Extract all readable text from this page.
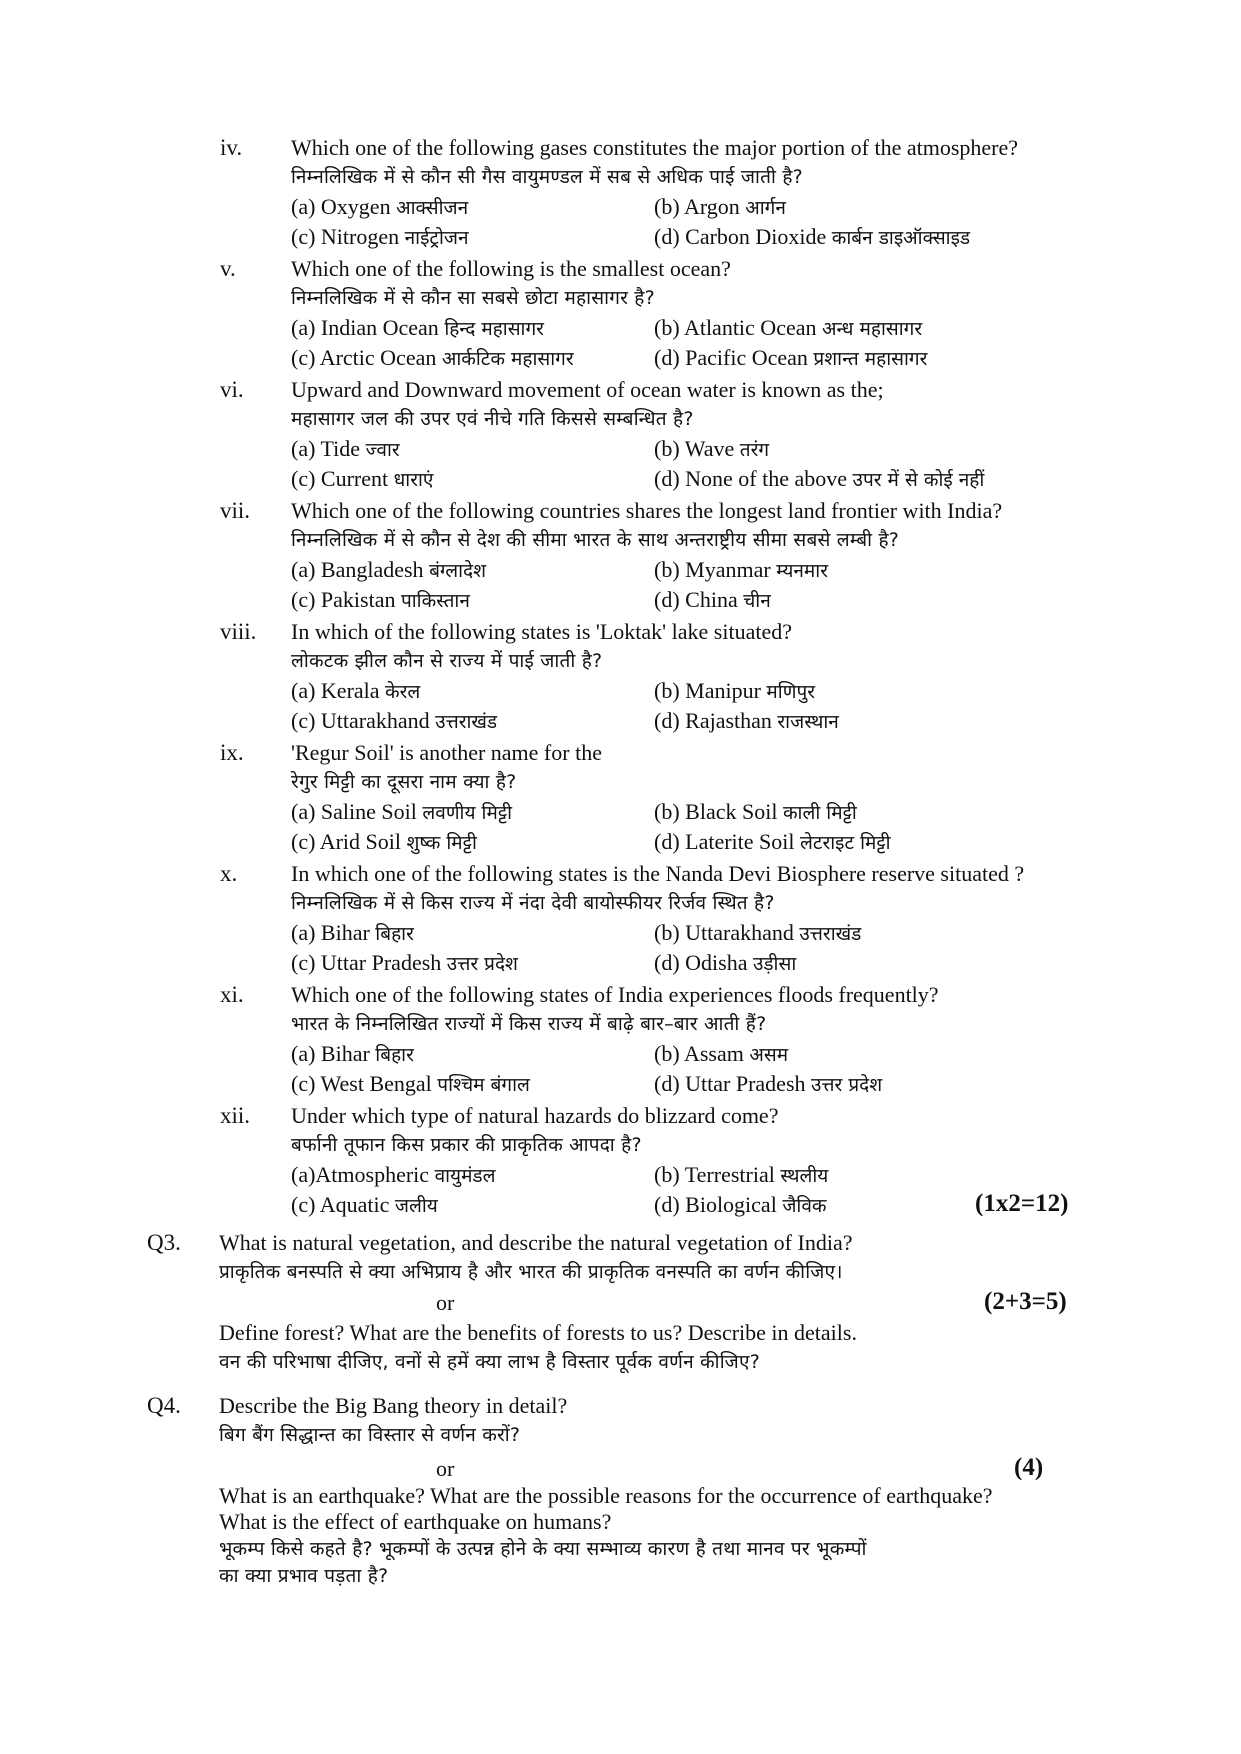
iv. Which one of the following gases constitutes the major portion of the atmosphere?
निम्नलिखिक में से कौन सी गैस वायुमण्डल में सब से अधिक पाई जाती है?
(a) Oxygen आक्सीजन	(b) Argon आर्गन
(c) Nitrogen नाईट्रोजन	(d) Carbon Dioxide कार्बन डाइऑक्साइड
v.	Which one of the following is the smallest ocean?
निम्नलिखिक में से कौन सा सबसे छोटा महासागर है?
(a) Indian Ocean हिन्द महासागर	(b) Atlantic Ocean अन्ध महासागर
(c) Arctic Ocean आर्कटिक महासागर	(d) Pacific Ocean प्रशान्त महासागर
vi. Upward and Downward movement of ocean water is known as the;
महासागर जल की उपर एवं नीचे गति किससे सम्बन्धित है?
(a) Tide ज्वार	(b) Wave तरंग
(c) Current धाराएं	(d) None of the above उपर में से कोई नहीं
vii. Which one of the following countries shares the longest land frontier with India?
निम्नलिखिक में से कौन से देश की सीमा भारत के साथ अन्तराष्ट्रीय सीमा सबसे लम्बी है?
(a) Bangladesh बंग्लादेश	(b) Myanmar म्यनमार
(c) Pakistan पाकिस्तान	(d) China चीन
viii. In which of the following states is 'Loktak' lake situated?
लोकटक झील कौन से राज्य में पाई जाती है?
(a) Kerala केरल	(b) Manipur मणिपुर
(c) Uttarakhand उत्तराखंड	(d) Rajasthan राजस्थान
ix. 'Regur Soil' is another name for the
रेगुर मिट्टी का दूसरा नाम क्या है?
(a) Saline Soil लवणीय मिट्टी	(b) Black Soil काली मिट्टी
(c) Arid Soil शुष्क मिट्टी	(d) Laterite Soil लेटराइट मिट्टी
x. In which one of the following states is the Nanda Devi Biosphere reserve situated ?
निम्नलिखिक में से किस राज्य में नंदा देवी बायोस्फीयर रिर्जव स्थित है?
(a) Bihar बिहार	(b) Uttarakhand उत्तराखंड
(c) Uttar Pradesh उत्तर प्रदेश	(d) Odisha उड़ीसा
xi. Which one of the following states of India experiences floods frequently?
भारत के निम्नलिखित राज्यों में किस राज्य में बाढ़े बार–बार आती हैं?
(a) Bihar बिहार	(b) Assam असम
(c) West Bengal पश्चिम बंगाल	(d) Uttar Pradesh उत्तर प्रदेश
xii. Under which type of natural hazards do blizzard come?
बर्फानी तूफान किस प्रकार की प्राकृतिक आपदा है?
(a)Atmospheric वायुमंडल	(b) Terrestrial स्थलीय
(c) Aquatic जलीय	(d) Biological जैविक	(1x2=12)
Q3. What is natural vegetation, and describe the natural vegetation of India?
प्राकृतिक बनस्पति से क्या अभिप्राय है और भारत की प्राकृतिक वनस्पति का वर्णन कीजिए।
or	(2+3=5)
Define forest? What are the benefits of forests to us? Describe in details.
वन की परिभाषा दीजिए, वनों से हमें क्या लाभ है विस्तार पूर्वक वर्णन कीजिए?
Q4. Describe the Big Bang theory in detail?
बिग बैंग सिद्धान्त का विस्तार से वर्णन करों?
or	(4)
What is an earthquake? What are the possible reasons for the occurrence of earthquake?
What is the effect of earthquake on humans?
भूकम्प किसे कहते है? भूकम्पों के उत्पन्न होने के क्या सम्भाव्य कारण है तथा मानव पर भूकम्पों
का क्या प्रभाव पड़ता है?
